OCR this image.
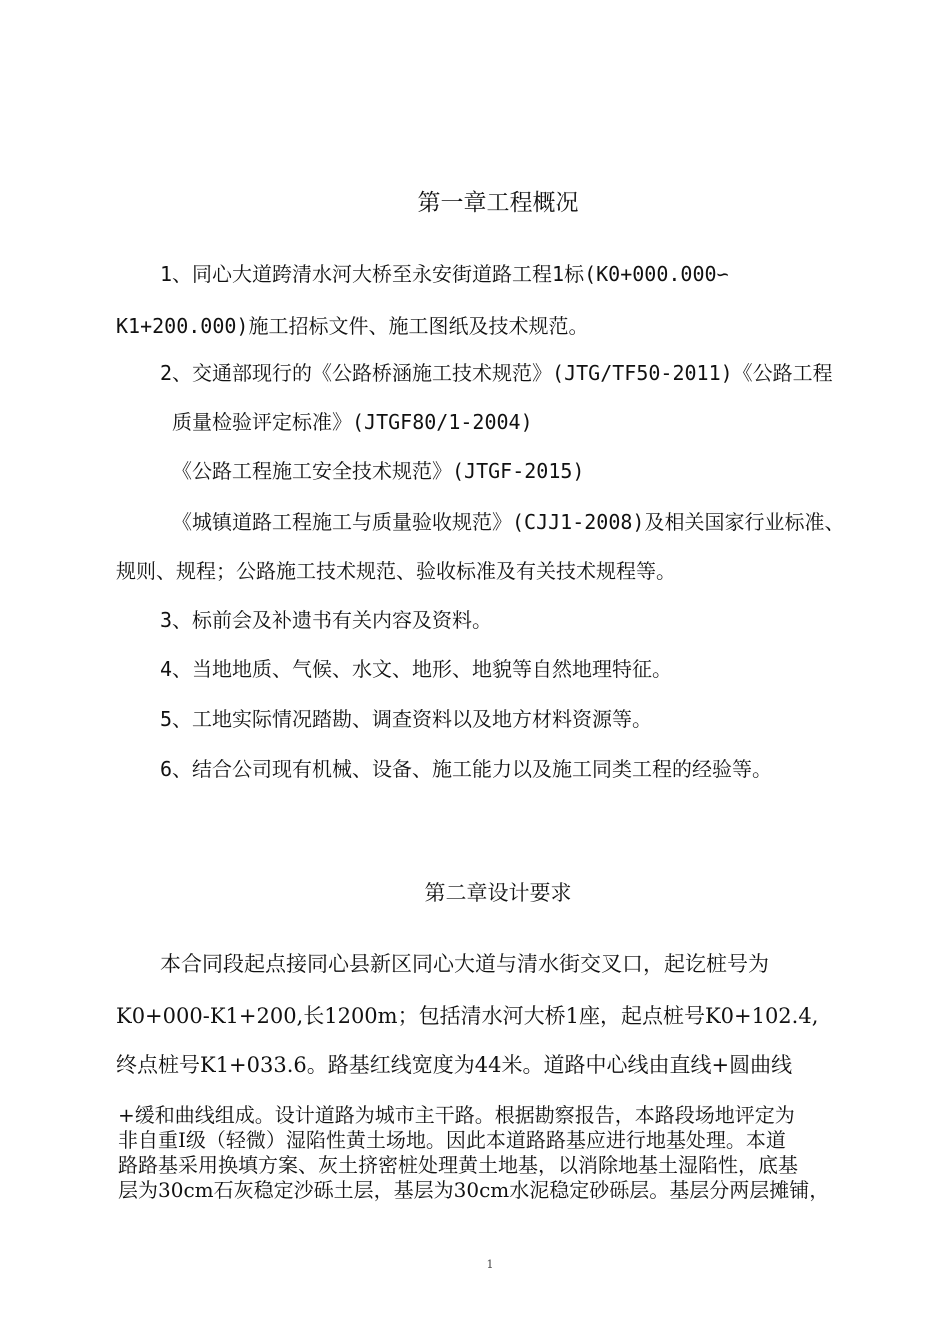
第一章工程概况
1、同心大道跨清水河大桥至永安街道路工程1标(K0+000.000∽
K1+200.000)施工招标文件、施工图纸及技术规范。
2、交通部现行的《公路桥涵施工技术规范》(JTG/TF50-2011)《公路工程
质量检验评定标准》(JTGF80/1-2004)
《公路工程施工安全技术规范》(JTGF-2015)
《城镇道路工程施工与质量验收规范》(CJJ1-2008)及相关国家行业标准、
规则、规程；公路施工技术规范、验收标准及有关技术规程等。
3、标前会及补遗书有关内容及资料。
4、当地地质、气候、水文、地形、地貌等自然地理特征。
5、工地实际情况踏勘、调查资料以及地方材料资源等。
6、结合公司现有机械、设备、施工能力以及施工同类工程的经验等。
第二章设计要求
本合同段起点接同心县新区同心大道与清水街交叉口，起讫桩号为
K0+000-K1+200,长1200m；包括清水河大桥1座，起点桩号K0+102.4,
终点桩号K1+033.6。路基红线宽度为44米。道路中心线由直线+圆曲线
+缓和曲线组成。设计道路为城市主干路。根据勘察报告，本路段场地评定为
非自重I级（轻微）湿陷性黄土场地。因此本道路路基应进行地基处理。本道
路路基采用换填方案、灰土挤密桩处理黄土地基，以消除地基土湿陷性，底基
层为30cm石灰稳定沙砾土层，基层为30cm水泥稳定砂砾层。基层分两层摊铺，
1
